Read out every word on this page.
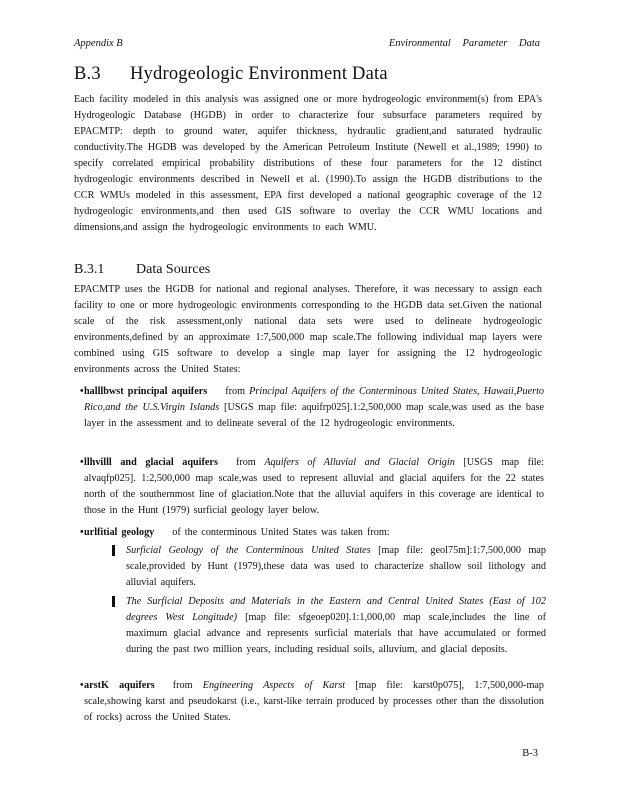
Appendix B	Environmental Parameter Data
B.3 Hydrogeologic Environment Data
Each facility modeled in this analysis was assigned one or more hydrogeologic environment(s) from EPA's Hydrogeologic Database (HGDB) in order to characterize four subsurface parameters required by EPACMTP: depth to ground water, aquifer thickness, hydraulic gradient,and saturated hydraulic conductivity.The HGDB was developed by the American Petroleum Institute (Newell et al.,1989; 1990) to specify correlated empirical probability distributions of these four parameters for the 12 distinct hydrogeologic environments described in Newell et al. (1990).To assign the HGDB distributions to the CCR WMUs modeled in this assessment, EPA first developed a national geographic coverage of the 12 hydrogeologic environments,and then used GIS software to overlay the CCR WMU locations and dimensions,and assign the hydrogeologic environments to each WMU.
B.3.1 Data Sources
EPACMTP uses the HGDB for national and regional analyses. Therefore, it was necessary to assign each facility to one or more hydrogeologic environments corresponding to the HGDB data set.Given the national scale of the risk assessment,only national data sets were used to delineate hydrogeologic environments,defined by an approximate 1:7,500,000 map scale.The following individual map layers were combined using GIS software to develop a single map layer for assigning the 12 hydrogeologic environments across the United States:
• halllbwst principal aquifers from Principal Aquifers of the Conterminous United States, Hawaii,Puerto Rico,and the U.S.Virgin Islands [USGS map file: aquifrp025].1:2,500,000 map scale,was used as the base layer in the assessment and to delineate several of the 12 hydrogeologic environments.
• llhvilll and glacial aquifers from Aquifers of Alluvial and Glacial Origin [USGS map file: alvaqfp025]. 1:2,500,000 map scale,was used to represent alluvial and glacial aquifers for the 22 states north of the southernmost line of glaciation.Note that the alluvial aquifers in this coverage are identical to those in the Hunt (1979) surficial geology layer below.
• urlfitial geology of the conterminous United States was taken from:
Surficial Geology of the Conterminous United States [map file: geol75m]:1:7,500,000 map scale,provided by Hunt (1979),these data was used to characterize shallow soil lithology and alluvial aquifers.
The Surficial Deposits and Materials in the Eastern and Central United States (East of 102 degrees West Longitude) [map file: sfgeoep020].1:1,000,00 map scale,includes the line of maximum glacial advance and represents surficial materials that have accumulated or formed during the past two million years, including residual soils, alluvium, and glacial deposits.
• arstK aquifers from Engineering Aspects of Karst [map file: karst0p075], 1:7,500,000-map scale,showing karst and pseudokarst (i.e., karst-like terrain produced by processes other than the dissolution of rocks) across the United States.
B-3
